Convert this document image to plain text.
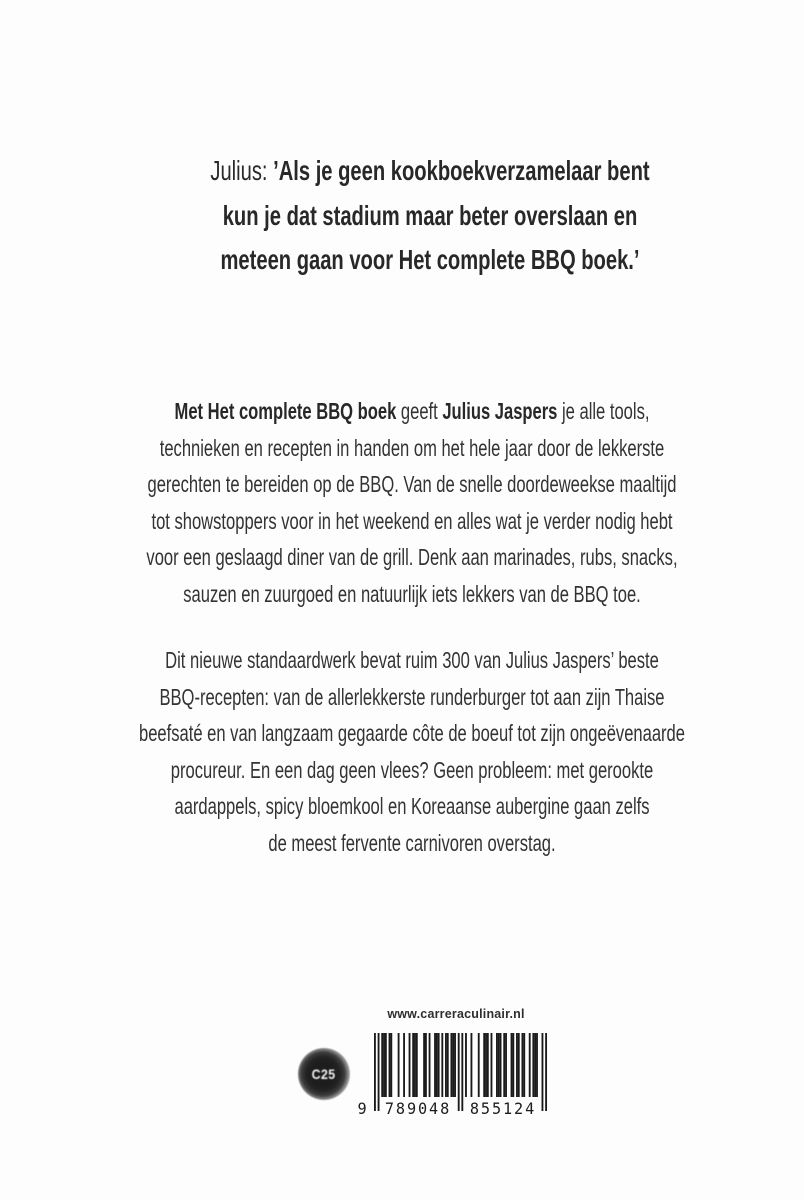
Julius: ’Als je geen kookboekverzamelaar bent
kun je dat stadium maar beter overslaan en
meteen gaan voor Het complete BBQ boek.’
Met Het complete BBQ boek geeft Julius Jaspers je alle tools,
technieken en recepten in handen om het hele jaar door de lekkerste
gerechten te bereiden op de BBQ. Van de snelle doordeweekse maaltijd
tot showstoppers voor in het weekend en alles wat je verder nodig hebt
voor een geslaagd diner van de grill. Denk aan marinades, rubs, snacks,
sauzen en zuurgoed en natuurlijk iets lekkers van de BBQ toe.
Dit nieuwe standaardwerk bevat ruim 300 van Julius Jaspers’ beste
BBQ-recepten: van de allerlekkerste runderburger tot aan zijn Thaise
beefsaté en van langzaam gegaarde côte de boeuf tot zijn ongeëvenaarde
procureur. En een dag geen vlees? Geen probleem: met gerookte
aardappels, spicy bloemkool en Koreaanse aubergine gaan zelfs
de meest fervente carnivoren overstag.
www.carreraculinair.nl
C25
9 789048	855124
